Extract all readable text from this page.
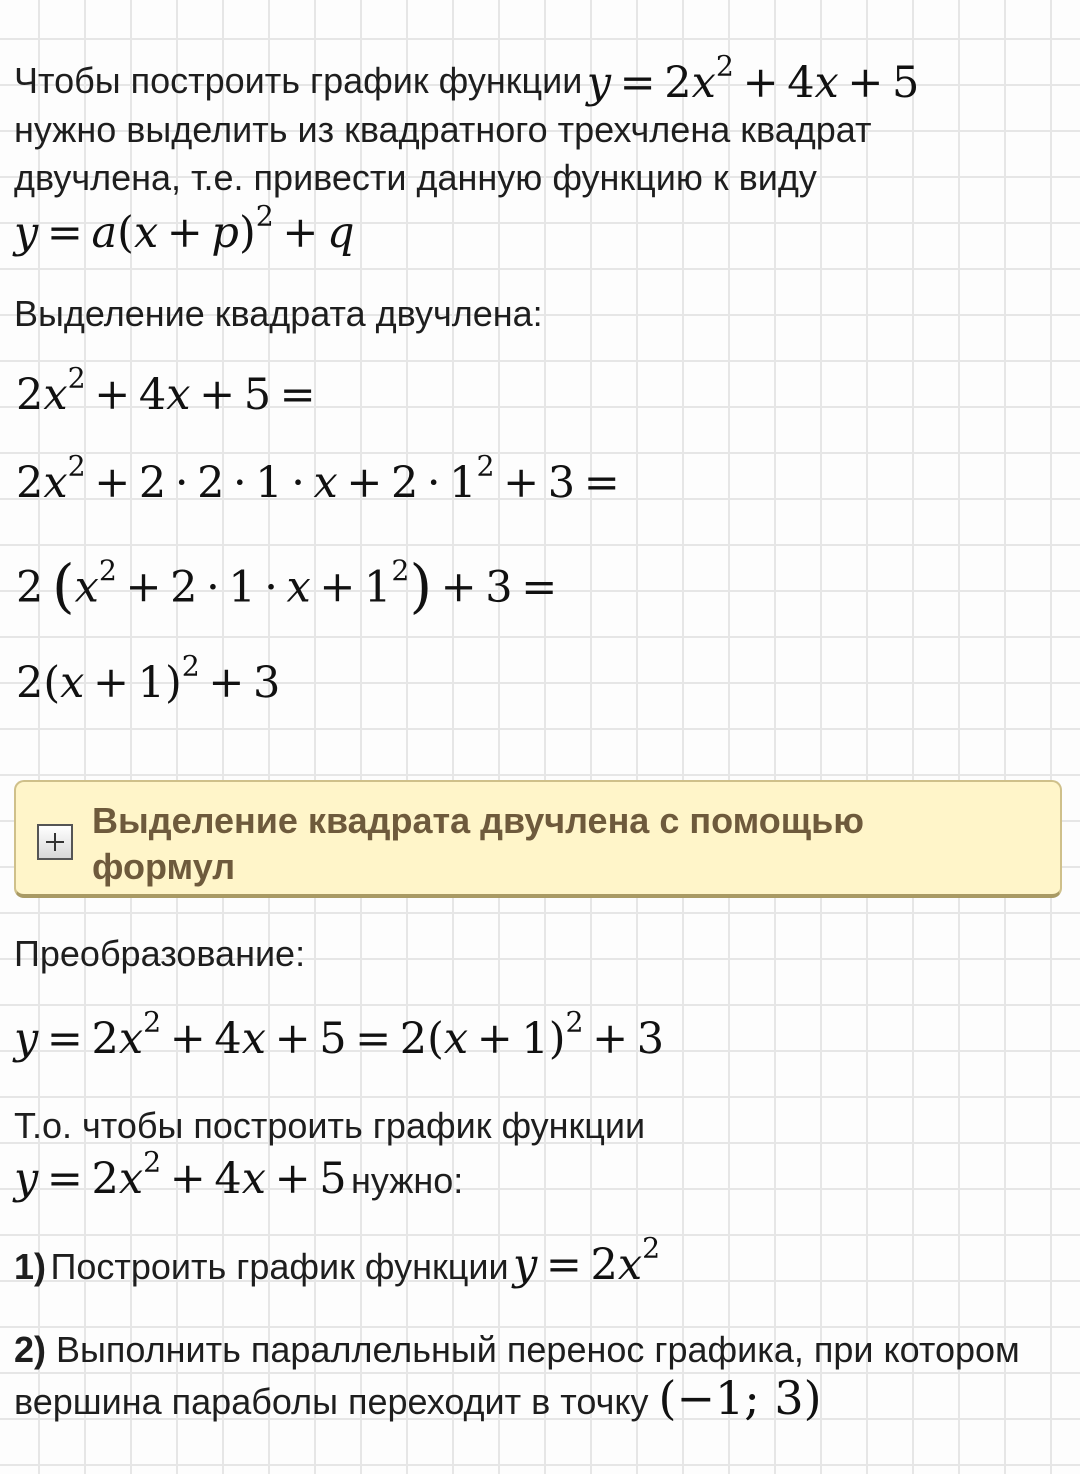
Чтобы построить график функции $y = 2x^2 + 4x + 5$
нужно выделить из квадратного трехчлена квадрат
двучлена, т.е. привести данную функцию к виду
$y = a(x + p)^2 + q$
Выделение квадрата двучлена:
$2x^2 + 4x + 5$ =
$2x^2 + 2 \cdot 2 \cdot 1 \cdot x + 2 \cdot 1^2 + 3$ =
2 $(x^2 + 2 \cdot 1 \cdot x + 1^2) + 3$ =
$2(x + 1)^2 + 3$
Выделение квадрата двучлена с помощью формул
Преобразование:
$y = 2x^2 + 4x + 5 = 2(x + 1)^2 + 3$
Т.о. чтобы построить график функции
$y = 2x^2 + 4x + 5$ нужно:
1) Построить график функции $y = 2x^2$
2) Выполнить параллельный перенос графика, при котором вершина параболы переходит в точку (−1; 3)
